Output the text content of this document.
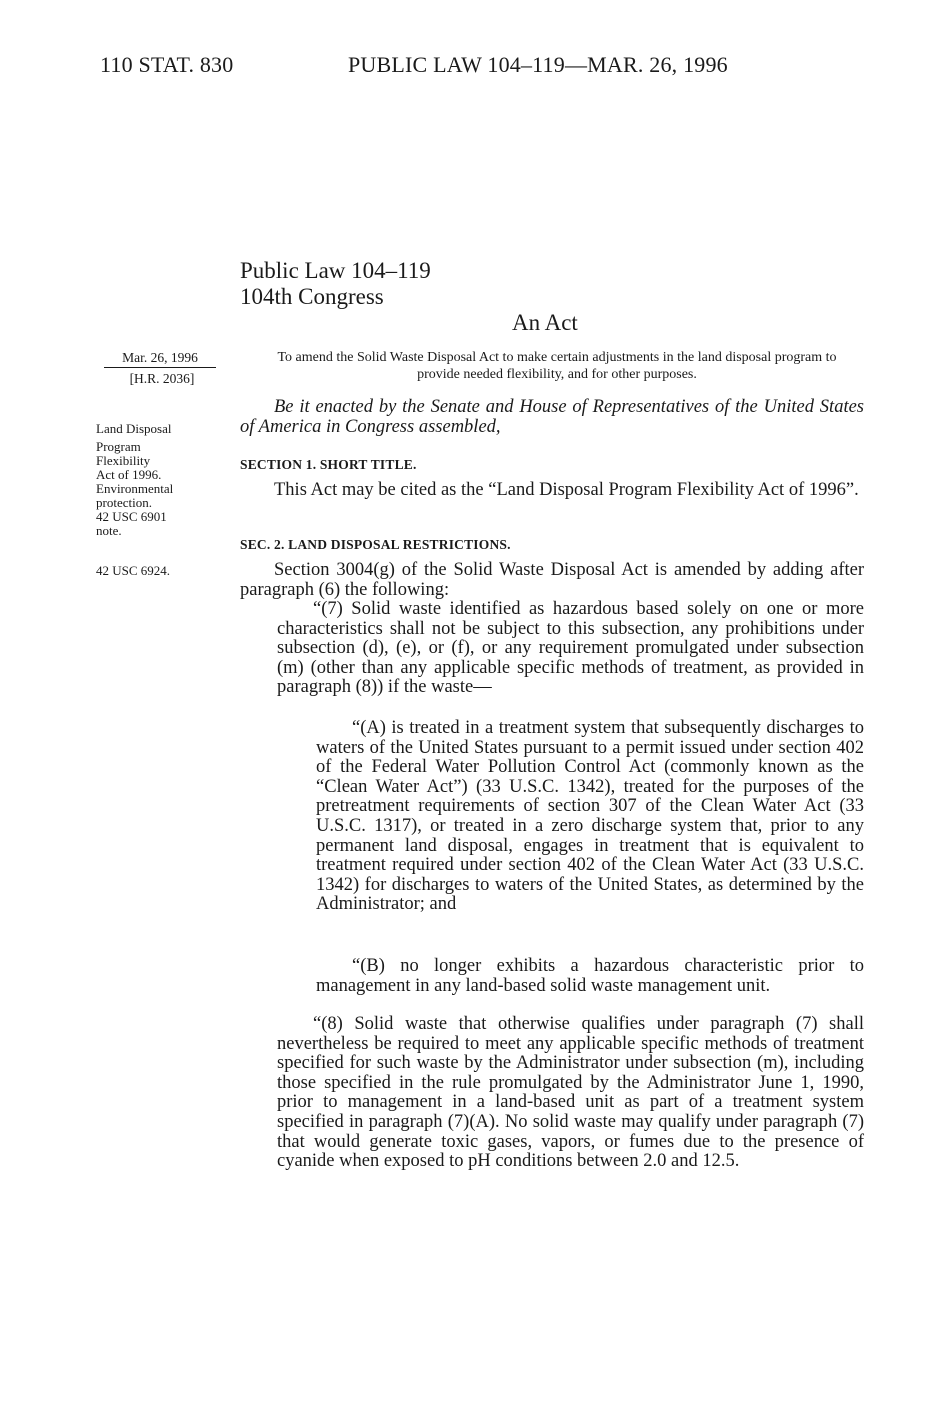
110 STAT. 830	PUBLIC LAW 104–119—MAR. 26, 1996
Public Law 104–119
104th Congress
An Act
Mar. 26, 1996
[H.R. 2036]
To amend the Solid Waste Disposal Act to make certain adjustments in the land disposal program to provide needed flexibility, and for other purposes.
Be it enacted by the Senate and House of Representatives of the United States of America in Congress assembled,
Land Disposal
Program
Flexibility
Act of 1996.
Environmental
protection.
42 USC 6901
note.
SECTION 1. SHORT TITLE.

This Act may be cited as the “Land Disposal Program Flexibility Act of 1996”.

SEC. 2. LAND DISPOSAL RESTRICTIONS.
42 USC 6924.	Section 3004(g) of the Solid Waste Disposal Act is amended by adding after paragraph (6) the following:

“(7) Solid waste identified as hazardous based solely on one or more characteristics shall not be subject to this subsection, any prohibitions under subsection (d), (e), or (f), or any requirement promulgated under subsection (m) (other than any applicable specific methods of treatment, as provided in paragraph (8)) if the waste—

“(A) is treated in a treatment system that subsequently discharges to waters of the United States pursuant to a permit issued under section 402 of the Federal Water Pollution Control Act (commonly known as the “Clean Water Act”) (33 U.S.C. 1342), treated for the purposes of the pretreatment requirements of section 307 of the Clean Water Act (33 U.S.C. 1317), or treated in a zero discharge system that, prior to any permanent land disposal, engages in treatment that is equivalent to treatment required under section 402 of the Clean Water Act (33 U.S.C. 1342) for discharges to waters of the United States, as determined by the Administrator; and

“(B) no longer exhibits a hazardous characteristic prior to management in any land-based solid waste management unit.

“(8) Solid waste that otherwise qualifies under paragraph (7) shall nevertheless be required to meet any applicable specific methods of treatment specified for such waste by the Administrator under subsection (m), including those specified in the rule promulgated by the Administrator June 1, 1990, prior to management in a land-based unit as part of a treatment system specified in paragraph (7)(A). No solid waste may qualify under paragraph (7) that would generate toxic gases, vapors, or fumes due to the presence of cyanide when exposed to pH conditions between 2.0 and 12.5.
